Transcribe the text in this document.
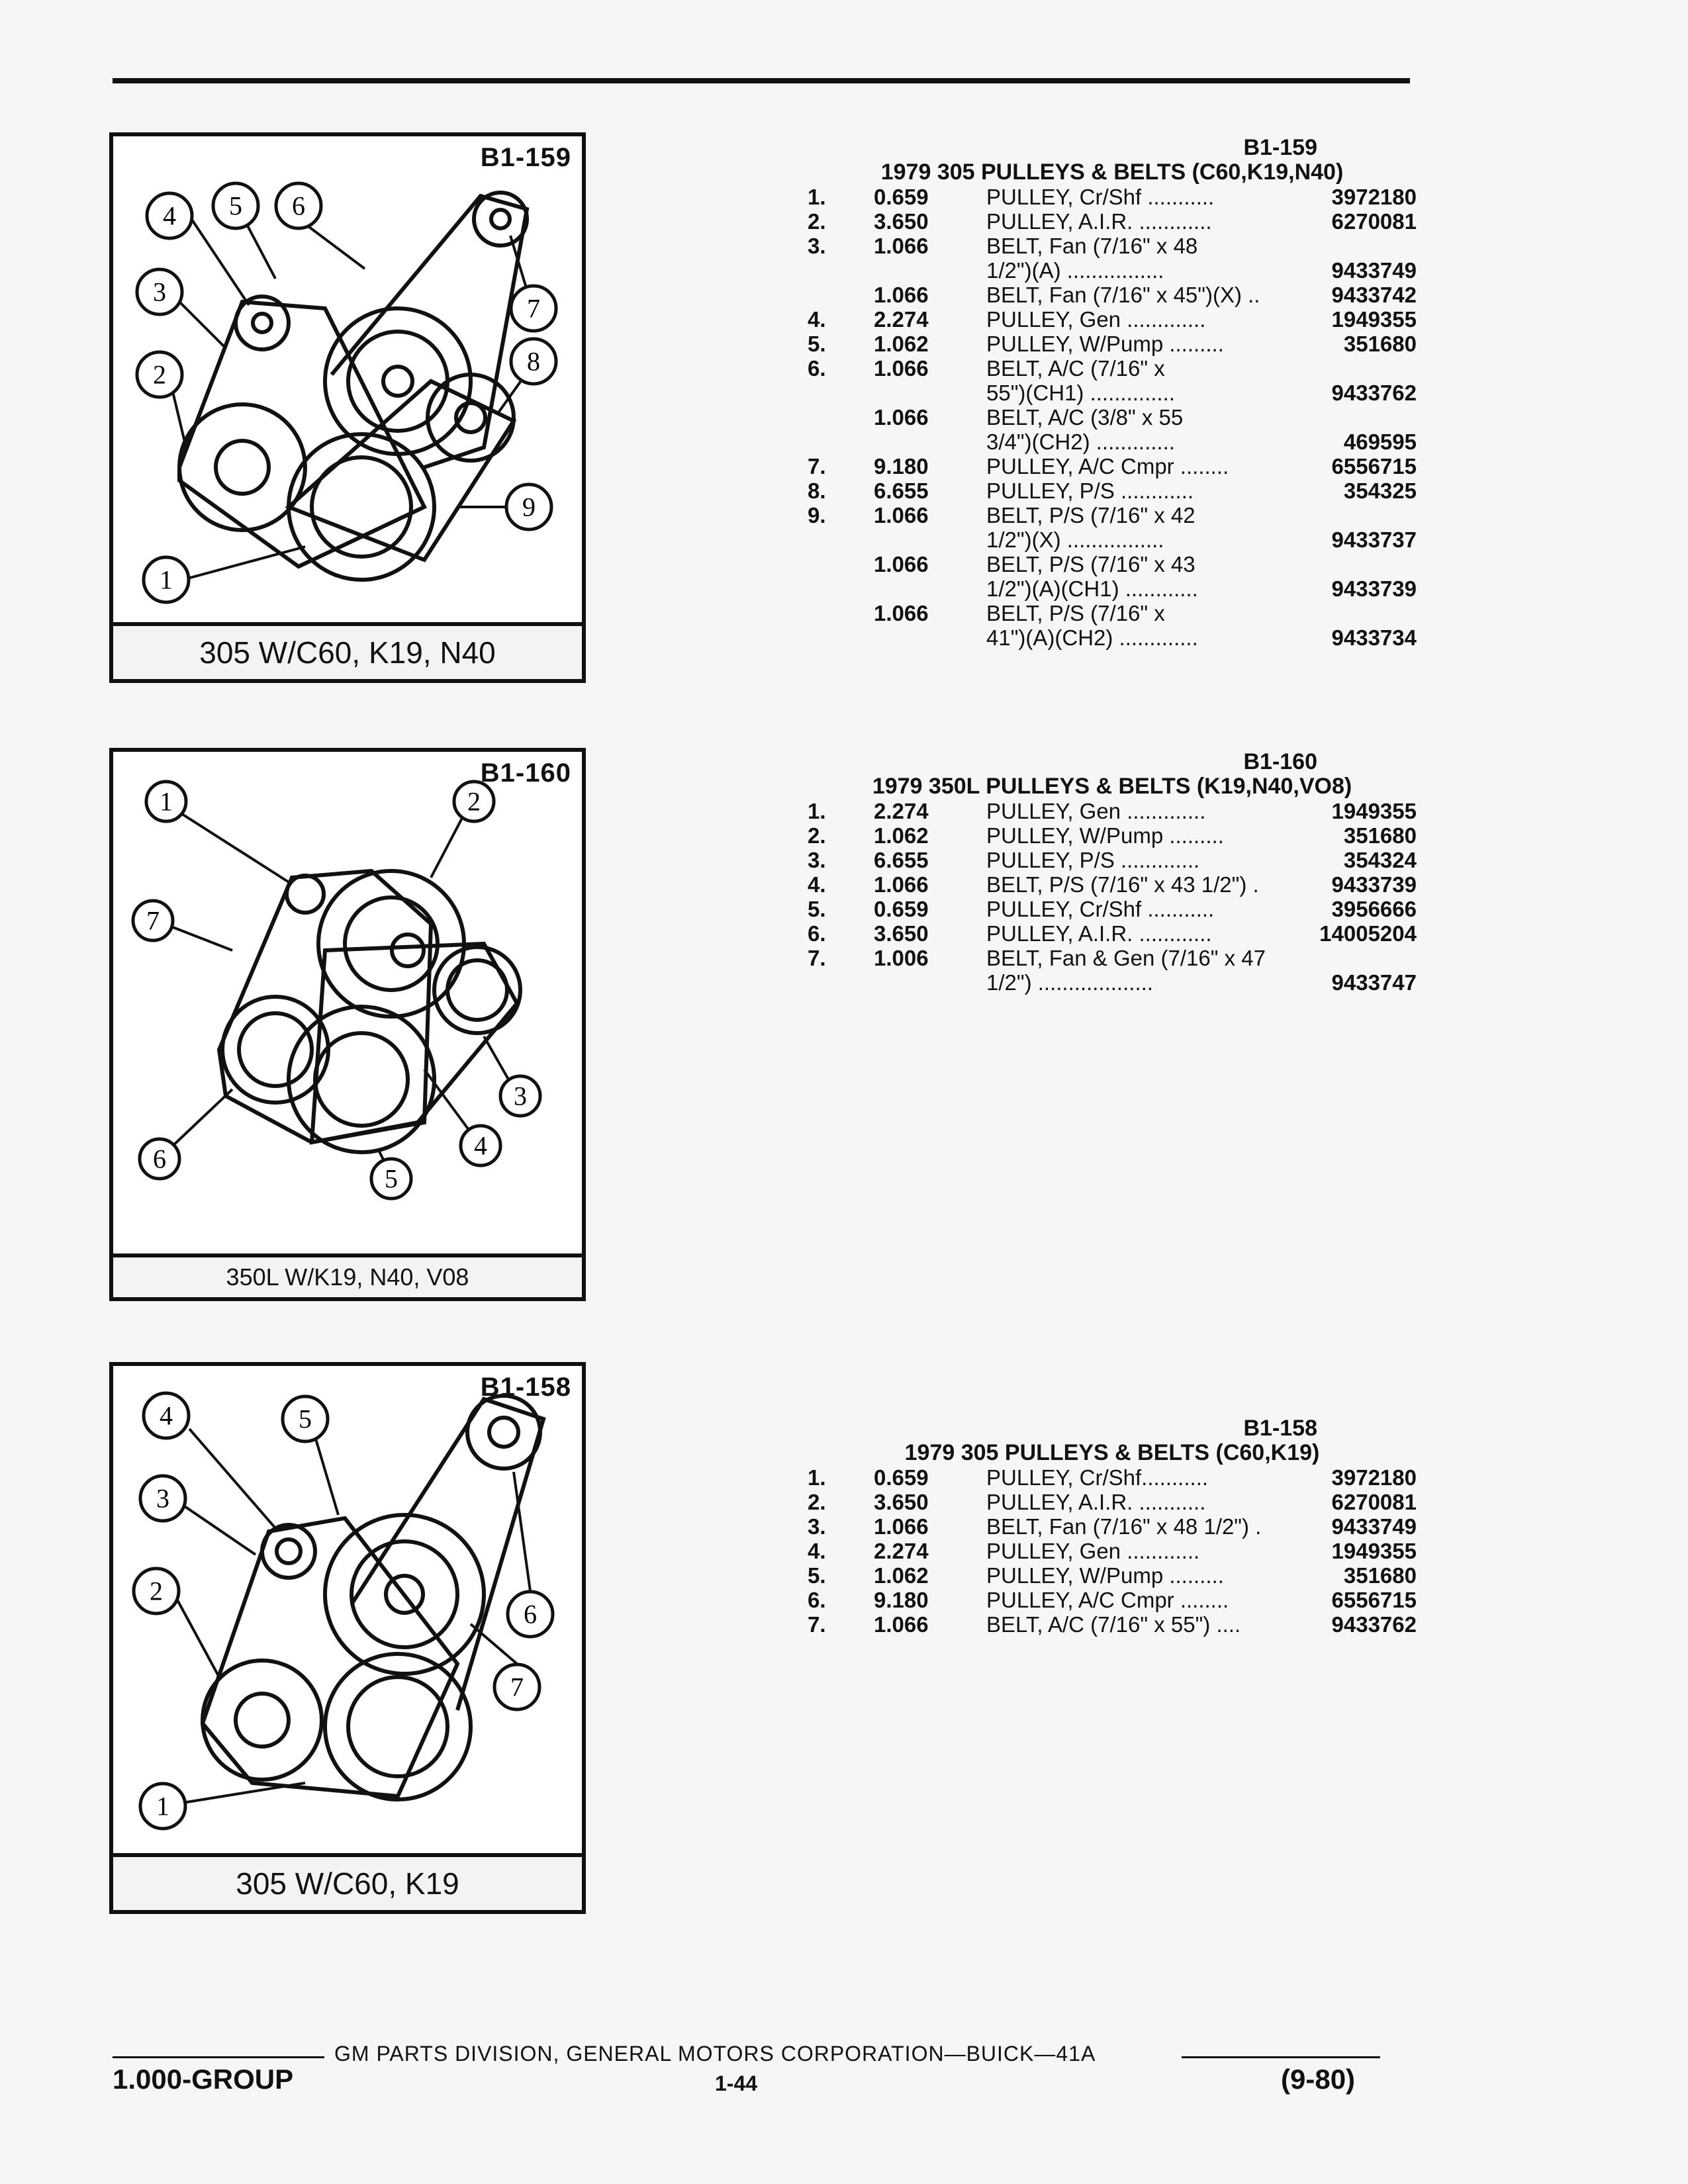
4 5 6
3
2
7
8
9
1
B1-159
305 W/C60, K19, N40
B1-159
1979 305 PULLEYS & BELTS (C60,K19,N40)
1.	0.659	PULLEY, Cr/Shf ...........	3972180
2.	3.650	PULLEY, A.I.R. ............	6270081
3.	1.066	BELT, Fan (7/16" x 48
1/2")(A) ................	9433749
1.066	BELT, Fan (7/16" x 45")(X) ..	9433742
4.	2.274	PULLEY, Gen .............	1949355
5.	1.062	PULLEY, W/Pump .........	351680
6.	1.066	BELT, A/C (7/16" x
55")(CH1) ..............	9433762
1.066	BELT, A/C (3/8" x 55
3/4")(CH2) .............	469595
7.	9.180	PULLEY, A/C Cmpr ........	6556715
8.	6.655	PULLEY, P/S ............	354325
9.	1.066	BELT, P/S (7/16" x 42
1/2")(X) ................	9433737
1.066	BELT, P/S (7/16" x 43
1/2")(A)(CH1) ............	9433739
1.066	BELT, P/S (7/16" x
41")(A)(CH2) .............	9433734
1	2
7
3
4
6
5
B1-160
350L W/K19, N40, V08
B1-160
1979 350L PULLEYS & BELTS (K19,N40,VO8)
1.	2.274	PULLEY, Gen .............	1949355
2.	1.062	PULLEY, W/Pump .........	351680
3.	6.655	PULLEY, P/S .............	354324
4.	1.066	BELT, P/S (7/16" x 43 1/2") .	9433739
5.	0.659	PULLEY, Cr/Shf ...........	3956666
6.	3.650	PULLEY, A.I.R. ............	14005204
7.	1.006	BELT, Fan & Gen (7/16" x 47
1/2") ...................	9433747
4	5
3
2
6
7
1
B1-158
305 W/C60, K19
B1-158
1979 305 PULLEYS & BELTS (C60,K19)
1.	0.659	PULLEY, Cr/Shf...........	3972180
2.	3.650	PULLEY, A.I.R. ...........	6270081
3.	1.066	BELT, Fan (7/16" x 48 1/2") .	9433749
4.	2.274	PULLEY, Gen ............	1949355
5.	1.062	PULLEY, W/Pump .........	351680
6.	9.180	PULLEY, A/C Cmpr ........	6556715
7.	1.066	BELT, A/C (7/16" x 55") ....	9433762
GM PARTS DIVISION, GENERAL MOTORS CORPORATION—BUICK—41A
1.000-GROUP	1-44	(9-80)
